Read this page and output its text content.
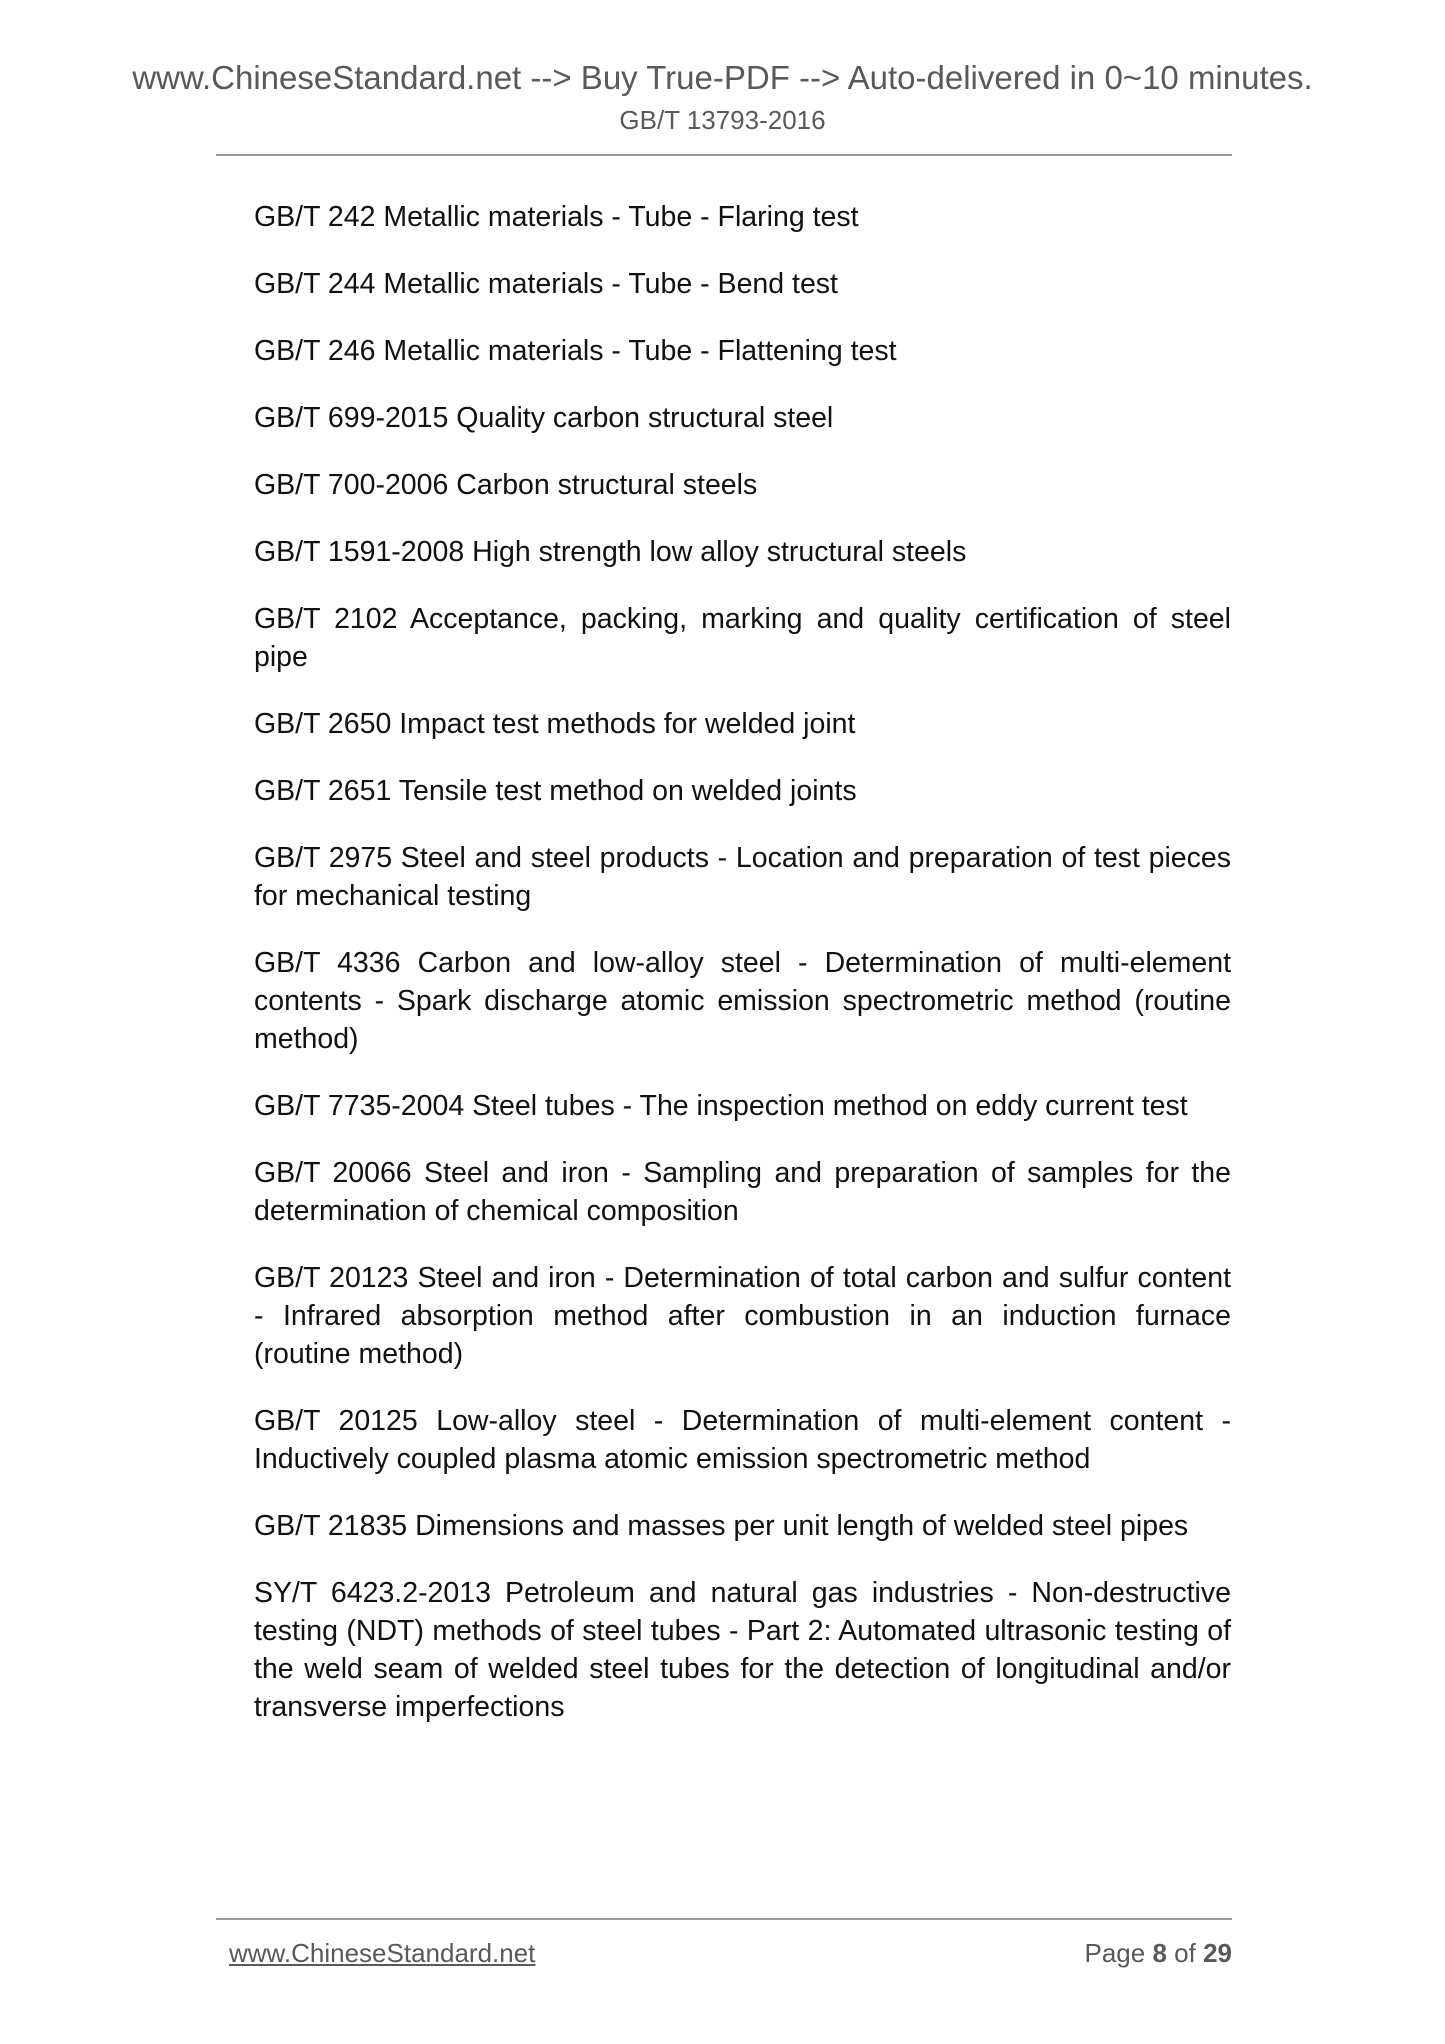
www.ChineseStandard.net --> Buy True-PDF --> Auto-delivered in 0~10 minutes.
GB/T 13793-2016

GB/T 242 Metallic materials - Tube - Flaring test

GB/T 244 Metallic materials - Tube - Bend test

GB/T 246 Metallic materials - Tube - Flattening test

GB/T 699-2015 Quality carbon structural steel

GB/T 700-2006 Carbon structural steels

GB/T 1591-2008 High strength low alloy structural steels

GB/T 2102 Acceptance, packing, marking and quality certification of steel pipe

GB/T 2650 Impact test methods for welded joint

GB/T 2651 Tensile test method on welded joints

GB/T 2975 Steel and steel products - Location and preparation of test pieces for mechanical testing

GB/T 4336 Carbon and low-alloy steel - Determination of multi-element contents - Spark discharge atomic emission spectrometric method (routine method)

GB/T 7735-2004 Steel tubes - The inspection method on eddy current test

GB/T 20066 Steel and iron - Sampling and preparation of samples for the determination of chemical composition

GB/T 20123 Steel and iron - Determination of total carbon and sulfur content - Infrared absorption method after combustion in an induction furnace (routine method)

GB/T 20125 Low-alloy steel - Determination of multi-element content - Inductively coupled plasma atomic emission spectrometric method

GB/T 21835 Dimensions and masses per unit length of welded steel pipes

SY/T 6423.2-2013 Petroleum and natural gas industries - Non-destructive testing (NDT) methods of steel tubes - Part 2: Automated ultrasonic testing of the weld seam of welded steel tubes for the detection of longitudinal and/or transverse imperfections

www.ChineseStandard.net	Page 8 of 29
